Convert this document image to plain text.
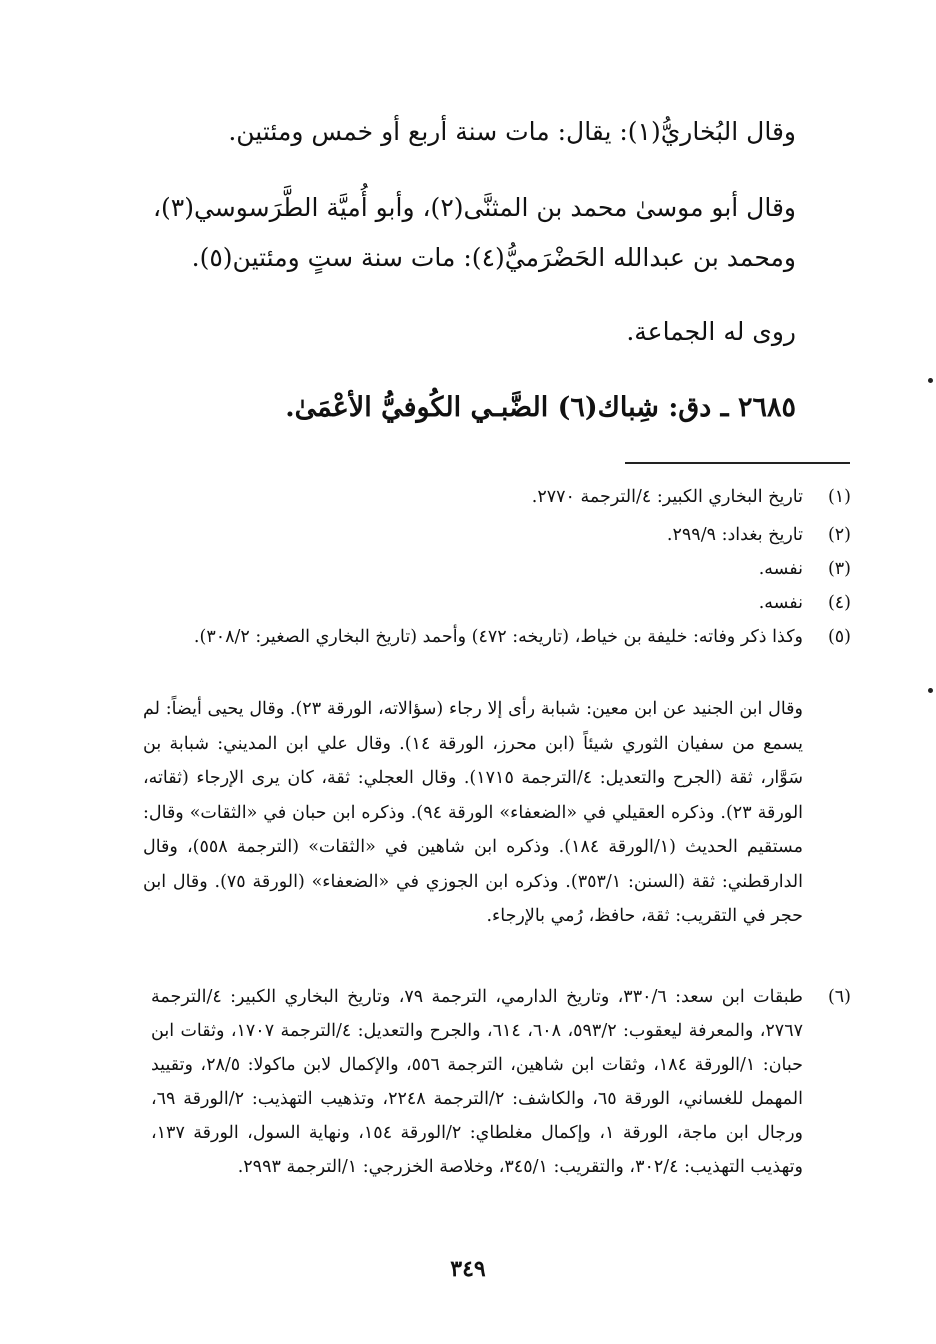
وقال البُخاريُّ(١): يقال: مات سنة أربع أو خمس ومئتين.
وقال أبو موسىٰ محمد بن المثنَّى(٢)، وأبو أُميَّة الطَّرَسوسي(٣)،
ومحمد بن عبدالله الحَضْرَميُّ(٤): مات سنة ستٍ ومئتين(٥).
روى له الجماعة.
٢٦٨٥ ـ دق: شِباك(٦) الضَّبـي الكُوفيُّ الأعْمَىٰ.
(١)
تاريخ البخاري الكبير: ٤/الترجمة ٢٧٧٠.
(٢)
تاريخ بغداد: ٢٩٩/٩.
(٣)
نفسه.
(٤)
نفسه.
(٥)
وكذا ذكر وفاته: خليفة بن خياط، (تاريخه: ٤٧٢) وأحمد (تاريخ البخاري الصغير: ٣٠٨/٢).
وقال ابن الجنيد عن ابن معين: شبابة رأى إلا رجاء (سؤالاته، الورقة ٢٣). وقال يحيى أيضاً: لم يسمع من سفيان الثوري شيئاً (ابن محرز، الورقة ١٤). وقال علي ابن المديني: شبابة بن سَوَّار، ثقة (الجرح والتعديل: ٤/الترجمة ١٧١٥). وقال العجلي: ثقة، كان يرى الإرجاء (ثقاته، الورقة ٢٣). وذكره العقيلي في «الضعفاء» الورقة ٩٤). وذكره ابن حبان في «الثقات» وقال: مستقيم الحديث (١/الورقة ١٨٤). وذكره ابن شاهين في «الثقات» (الترجمة ٥٥٨)، وقال الدارقطني: ثقة (السنن: ٣٥٣/١). وذكره ابن الجوزي في «الضعفاء» (الورقة ٧٥). وقال ابن حجر في التقريب: ثقة، حافظ، رُمي بالإرجاء.
(٦)
طبقات ابن سعد: ٣٣٠/٦، وتاريخ الدارمي، الترجمة ٧٩، وتاريخ البخاري الكبير: ٤/الترجمة ٢٧٦٧، والمعرفة ليعقوب: ٥٩٣/٢، ٦٠٨، ٦١٤، والجرح والتعديل: ٤/الترجمة ١٧٠٧، وثقات ابن حبان: ١/الورقة ١٨٤، وثقات ابن شاهين، الترجمة ٥٥٦، والإكمال لابن ماكولا: ٢٨/٥، وتقييد المهمل للغساني، الورقة ٦٥، والكاشف: ٢/الترجمة ٢٢٤٨، وتذهيب التهذيب: ٢/الورقة ٦٩، ورجال ابن ماجة، الورقة ١، وإكمال مغلطاي: ٢/الورقة ١٥٤، ونهاية السول، الورقة ١٣٧، وتهذيب التهذيب: ٣٠٢/٤، والتقريب: ٣٤٥/١، وخلاصة الخزرجي: ١/الترجمة ٢٩٩٣.
٣٤٩
